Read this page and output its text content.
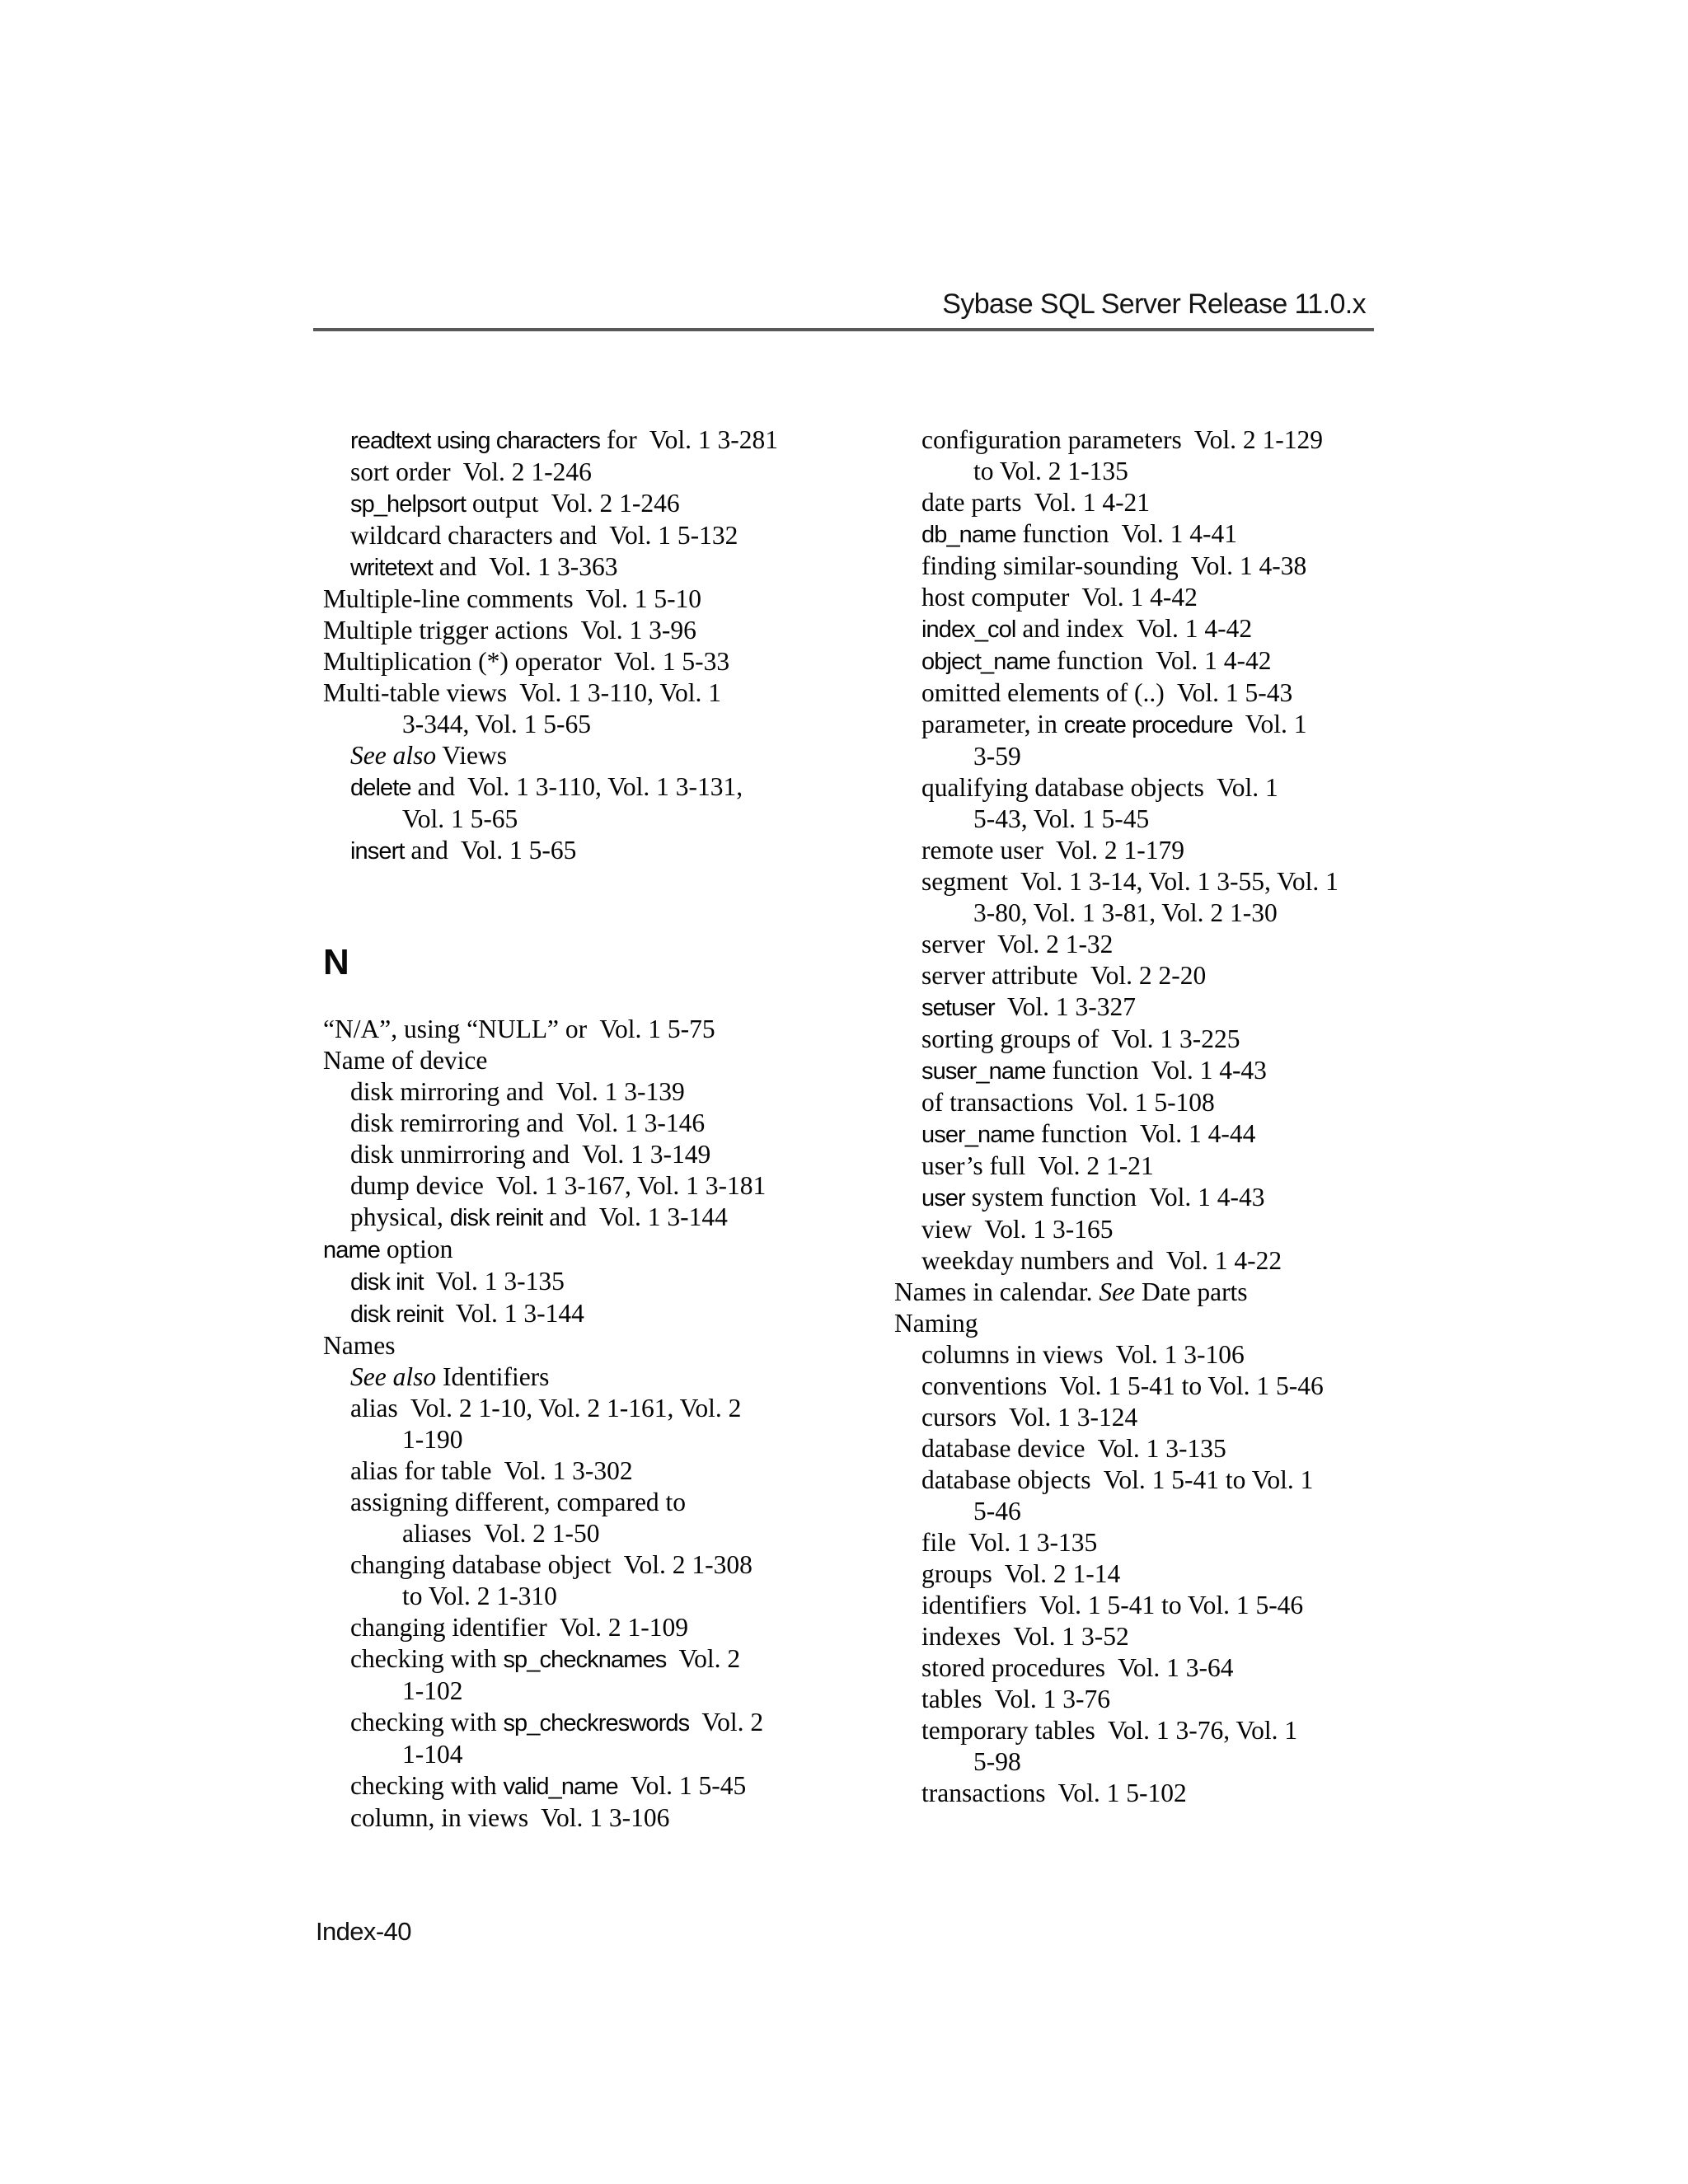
Sybase SQL Server Release 11.0.x
readtext using characters for  Vol. 1 3-281
sort order  Vol. 2 1-246
sp_helpsort output  Vol. 2 1-246
wildcard characters and  Vol. 1 5-132
writetext and  Vol. 1 3-363
Multiple-line comments  Vol. 1 5-10
Multiple trigger actions  Vol. 1 3-96
Multiplication (*) operator  Vol. 1 5-33
Multi-table views  Vol. 1 3-110, Vol. 1
3-344, Vol. 1 5-65
See also Views
delete and  Vol. 1 3-110, Vol. 1 3-131,
Vol. 1 5-65
insert and  Vol. 1 5-65
N
“N/A”, using “NULL” or  Vol. 1 5-75
Name of device
disk mirroring and  Vol. 1 3-139
disk remirroring and  Vol. 1 3-146
disk unmirroring and  Vol. 1 3-149
dump device  Vol. 1 3-167, Vol. 1 3-181
physical, disk reinit and  Vol. 1 3-144
name option
disk init  Vol. 1 3-135
disk reinit  Vol. 1 3-144
Names
See also Identifiers
alias  Vol. 2 1-10, Vol. 2 1-161, Vol. 2
1-190
alias for table  Vol. 1 3-302
assigning different, compared to
aliases  Vol. 2 1-50
changing database object  Vol. 2 1-308
to Vol. 2 1-310
changing identifier  Vol. 2 1-109
checking with sp_checknames  Vol. 2
1-102
checking with sp_checkreswords  Vol. 2
1-104
checking with valid_name  Vol. 1 5-45
column, in views  Vol. 1 3-106
configuration parameters  Vol. 2 1-129
to Vol. 2 1-135
date parts  Vol. 1 4-21
db_name function  Vol. 1 4-41
finding similar-sounding  Vol. 1 4-38
host computer  Vol. 1 4-42
index_col and index  Vol. 1 4-42
object_name function  Vol. 1 4-42
omitted elements of (..)  Vol. 1 5-43
parameter, in create procedure  Vol. 1
3-59
qualifying database objects  Vol. 1
5-43, Vol. 1 5-45
remote user  Vol. 2 1-179
segment  Vol. 1 3-14, Vol. 1 3-55, Vol. 1
3-80, Vol. 1 3-81, Vol. 2 1-30
server  Vol. 2 1-32
server attribute  Vol. 2 2-20
setuser  Vol. 1 3-327
sorting groups of  Vol. 1 3-225
suser_name function  Vol. 1 4-43
of transactions  Vol. 1 5-108
user_name function  Vol. 1 4-44
user’s full  Vol. 2 1-21
user system function  Vol. 1 4-43
view  Vol. 1 3-165
weekday numbers and  Vol. 1 4-22
Names in calendar. See Date parts
Naming
columns in views  Vol. 1 3-106
conventions  Vol. 1 5-41 to Vol. 1 5-46
cursors  Vol. 1 3-124
database device  Vol. 1 3-135
database objects  Vol. 1 5-41 to Vol. 1
5-46
file  Vol. 1 3-135
groups  Vol. 2 1-14
identifiers  Vol. 1 5-41 to Vol. 1 5-46
indexes  Vol. 1 3-52
stored procedures  Vol. 1 3-64
tables  Vol. 1 3-76
temporary tables  Vol. 1 3-76, Vol. 1
5-98
transactions  Vol. 1 5-102
Index-40
